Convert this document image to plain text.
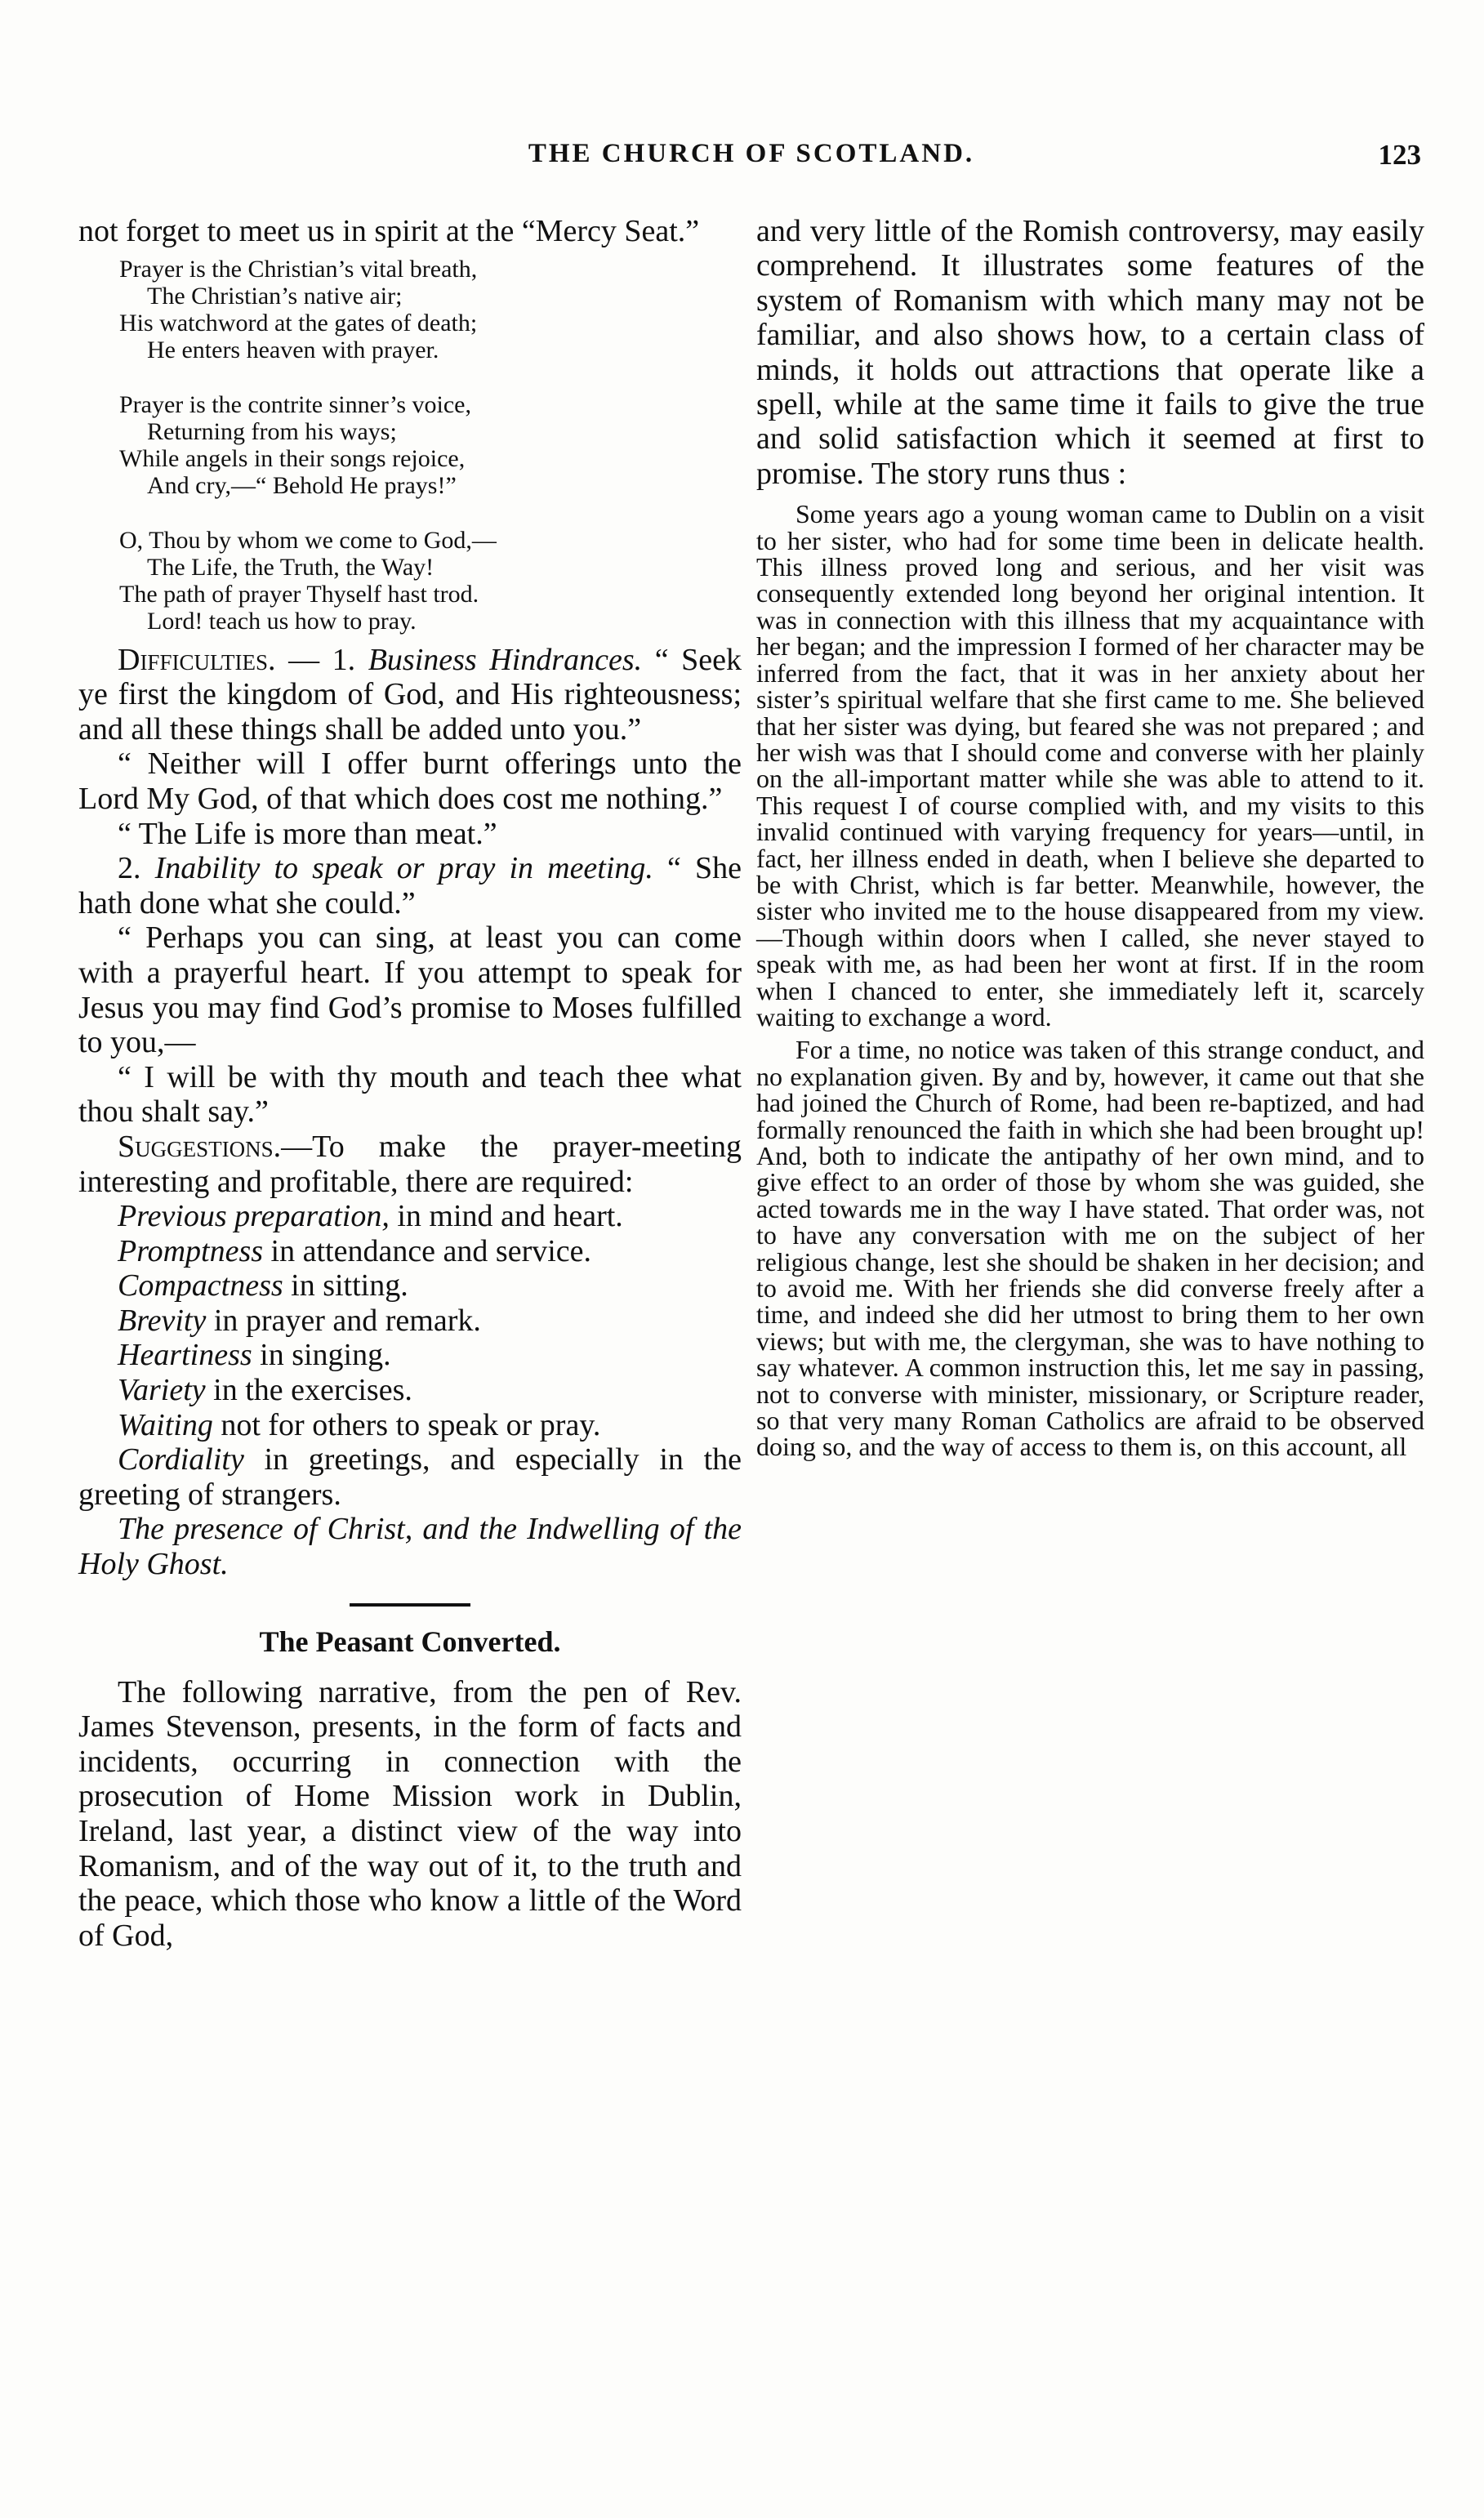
THE CHURCH OF SCOTLAND.	123

not forget to meet us in spirit at the “Mercy Seat.”

Prayer is the Christian’s vital breath,
The Christian’s native air;
His watchword at the gates of death;
He enters heaven with prayer.
Prayer is the contrite sinner’s voice,
Returning from his ways;
While angels in their songs rejoice,
And cry,—“ Behold He prays!”
O, Thou by whom we come to God,—
The Life, the Truth, the Way!
The path of prayer Thyself hast trod.
Lord! teach us how to pray.

Difficulties. — 1. Business Hindrances. “ Seek ye first the kingdom of God, and His righteousness; and all these things shall be added unto you.”

“ Neither will I offer burnt offerings unto the Lord My God, of that which does cost me nothing.”

“ The Life is more than meat.”

2. Inability to speak or pray in meeting. “ She hath done what she could.”

“ Perhaps you can sing, at least you can come with a prayerful heart. If you attempt to speak for Jesus you may find God’s promise to Moses fulfilled to you,—

“ I will be with thy mouth and teach thee what thou shalt say.”

Suggestions.—To make the prayer-meeting interesting and profitable, there are required:

Previous preparation, in mind and heart.

Promptness in attendance and service.

Compactness in sitting.

Brevity in prayer and remark.

Heartiness in singing.

Variety in the exercises.

Waiting not for others to speak or pray.

Cordiality in greetings, and especially in the greeting of strangers.

The presence of Christ, and the Indwelling of the Holy Ghost.

The Peasant Converted.

The following narrative, from the pen of Rev. James Stevenson, presents, in the form of facts and incidents, occurring in connection with the prosecution of Home Mission work in Dublin, Ireland, last year, a distinct view of the way into Romanism, and of the way out of it, to the truth and the peace, which those who know a little of the Word of God,

and very little of the Romish controversy, may easily comprehend. It illustrates some features of the system of Romanism with which many may not be familiar, and also shows how, to a certain class of minds, it holds out attractions that operate like a spell, while at the same time it fails to give the true and solid satisfaction which it seemed at first to promise. The story runs thus :

Some years ago a young woman came to Dublin on a visit to her sister, who had for some time been in delicate health. This illness proved long and serious, and her visit was consequently extended long beyond her original intention. It was in connection with this illness that my acquaintance with her began; and the impression I formed of her character may be inferred from the fact, that it was in her anxiety about her sister’s spiritual welfare that she first came to me. She believed that her sister was dying, but feared she was not prepared ; and her wish was that I should come and converse with her plainly on the all-important matter while she was able to attend to it. This request I of course complied with, and my visits to this invalid continued with varying frequency for years—until, in fact, her illness ended in death, when I believe she departed to be with Christ, which is far better. Meanwhile, however, the sister who invited me to the house disappeared from my view.—Though within doors when I called, she never stayed to speak with me, as had been her wont at first. If in the room when I chanced to enter, she immediately left it, scarcely waiting to exchange a word.

For a time, no notice was taken of this strange conduct, and no explanation given. By and by, however, it came out that she had joined the Church of Rome, had been re-baptized, and had formally renounced the faith in which she had been brought up! And, both to indicate the antipathy of her own mind, and to give effect to an order of those by whom she was guided, she acted towards me in the way I have stated. That order was, not to have any conversation with me on the subject of her religious change, lest she should be shaken in her decision; and to avoid me. With her friends she did converse freely after a time, and indeed she did her utmost to bring them to her own views; but with me, the clergyman, she was to have nothing to say whatever. A common instruction this, let me say in passing, not to converse with minister, missionary, or Scripture reader, so that very many Roman Catholics are afraid to be observed doing so, and the way of access to them is, on this account, all
